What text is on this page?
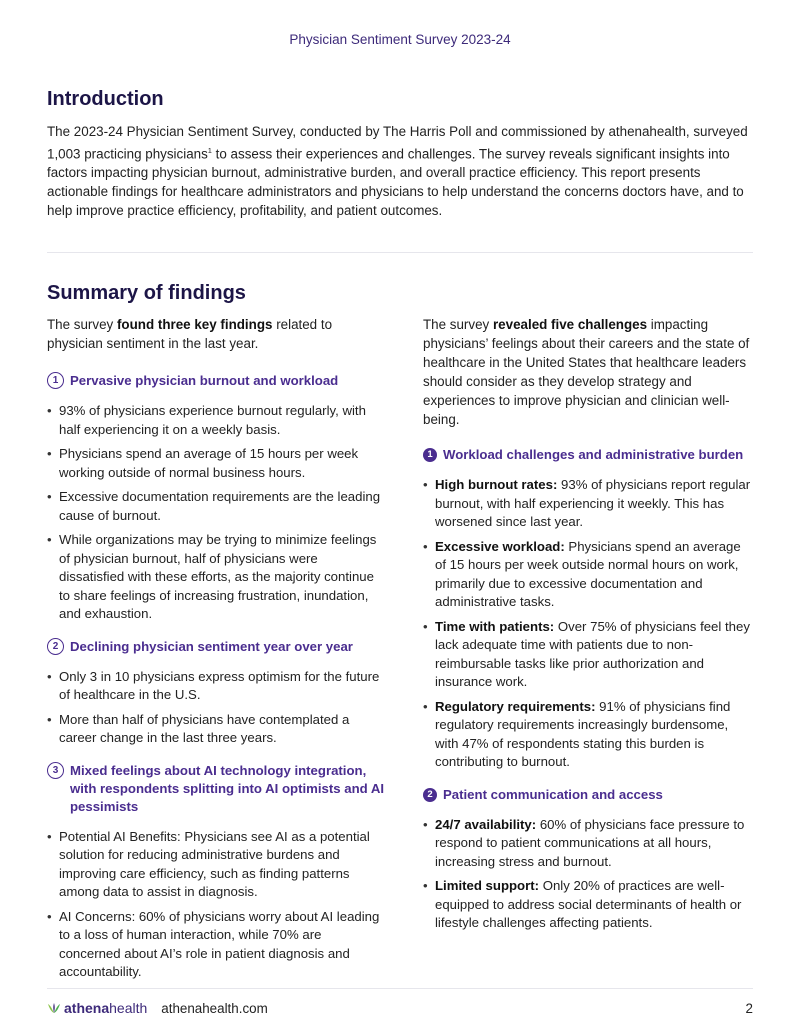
Physician Sentiment Survey 2023-24
Introduction

The 2023-24 Physician Sentiment Survey, conducted by The Harris Poll and commissioned by athenahealth, surveyed 1,003 practicing physicians$^1$ to assess their experiences and challenges. The survey reveals significant insights into factors impacting physician burnout, administrative burden, and overall practice efficiency. This report presents actionable findings for healthcare administrators and physicians to help understand the concerns doctors have, and to help improve practice efficiency, profitability, and patient outcomes.

Summary of findings

The survey found three key findings related to physician sentiment in the last year.

1 Pervasive physician burnout and workload
• 93% of physicians experience burnout regularly, with half experiencing it on a weekly basis.
• Physicians spend an average of 15 hours per week working outside of normal business hours.
• Excessive documentation requirements are the leading cause of burnout.
• While organizations may be trying to minimize feelings of physician burnout, half of physicians were dissatisfied with these efforts, as the majority continue to share feelings of increasing frustration, inundation, and exhaustion.
2 Declining physician sentiment year over year
• Only 3 in 10 physicians express optimism for the future of healthcare in the U.S.
• More than half of physicians have contemplated a career change in the last three years.
3 Mixed feelings about AI technology integration, with respondents splitting into AI optimists and AI pessimists
• Potential AI Benefits: Physicians see AI as a potential solution for reducing administrative burdens and improving care efficiency, such as finding patterns among data to assist in diagnosis.
• AI Concerns: 60% of physicians worry about AI leading to a loss of human interaction, while 70% are concerned about AI’s role in patient diagnosis and accountability.

The survey revealed five challenges impacting physicians’ feelings about their careers and the state of healthcare in the United States that healthcare leaders should consider as they develop strategy and experiences to improve physician and clinician well-being.

1 Workload challenges and administrative burden
• High burnout rates: 93% of physicians report regular burnout, with half experiencing it weekly. This has worsened since last year.
• Excessive workload: Physicians spend an average of 15 hours per week outside normal hours on work, primarily due to excessive documentation and administrative tasks.
• Time with patients: Over 75% of physicians feel they lack adequate time with patients due to non-reimbursable tasks like prior authorization and insurance work.
• Regulatory requirements: 91% of physicians find regulatory requirements increasingly burdensome, with 47% of respondents stating this burden is contributing to burnout.
2 Patient communication and access
• 24/7 availability: 60% of physicians face pressure to respond to patient communications at all hours, increasing stress and burnout.
• Limited support: Only 20% of practices are well-equipped to address social determinants of health or lifestyle challenges affecting patients.
athena health athenahealth.com	2
